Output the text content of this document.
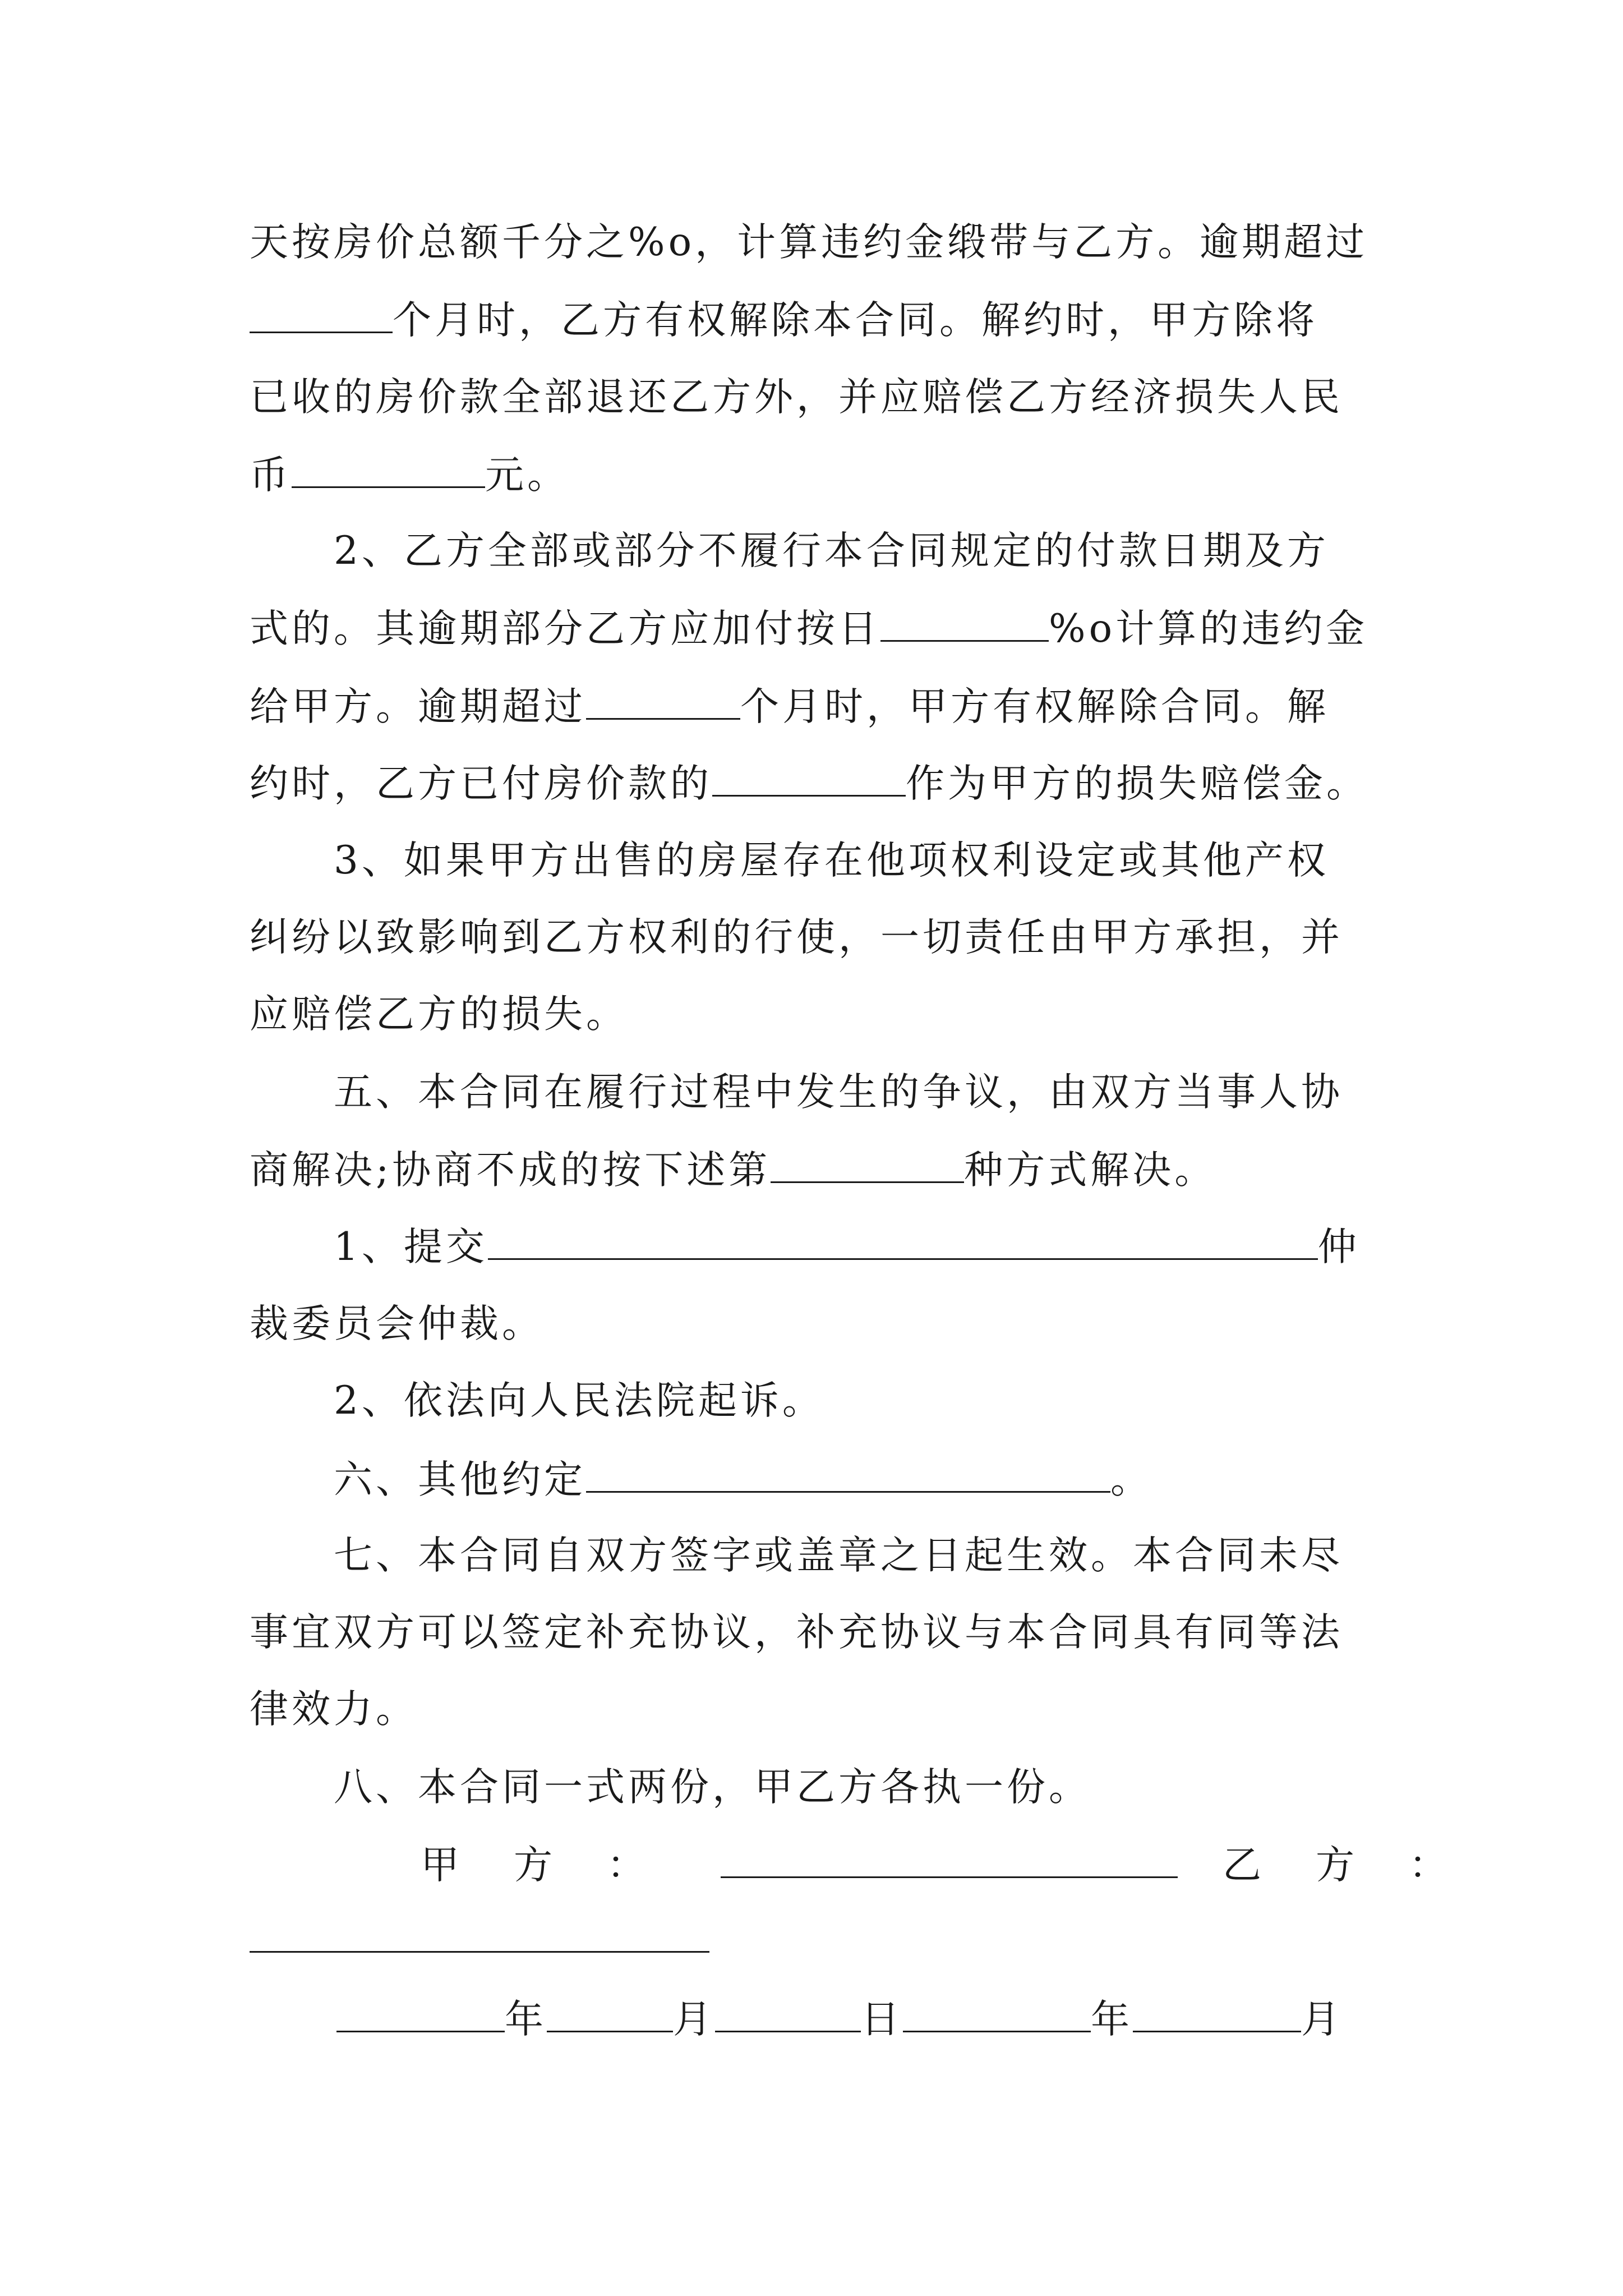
天按房价总额千分之%o，计算违约金缎带与乙方。逾期超过
个月时，乙方有权解除本合同。解约时，甲方除将
已收的房价款全部退还乙方外，并应赔偿乙方经济损失人民
币	元。
2、乙方全部或部分不履行本合同规定的付款日期及方
式的。其逾期部分乙方应加付按日	%o计算的违约金
给甲方。逾期超过	个月时，甲方有权解除合同。解
约时，乙方已付房价款的	作为甲方的损失赔偿金。
3、如果甲方出售的房屋存在他项权利设定或其他产权
纠纷以致影响到乙方权利的行使，一切责任由甲方承担，并
应赔偿乙方的损失。
五、本合同在履行过程中发生的争议，由双方当事人协
商解决;协商不成的按下述第	种方式解决。
1、提交	仲
裁委员会仲裁。
2、依法向人民法院起诉。
六、其他约定	。
七、本合同自双方签字或盖章之日起生效。本合同未尽
事宜双方可以签定补充协议，补充协议与本合同具有同等法
律效力。
八、本合同一式两份，甲乙方各执一份。
甲　方　：	乙　方　：
年	月	日	年	月
